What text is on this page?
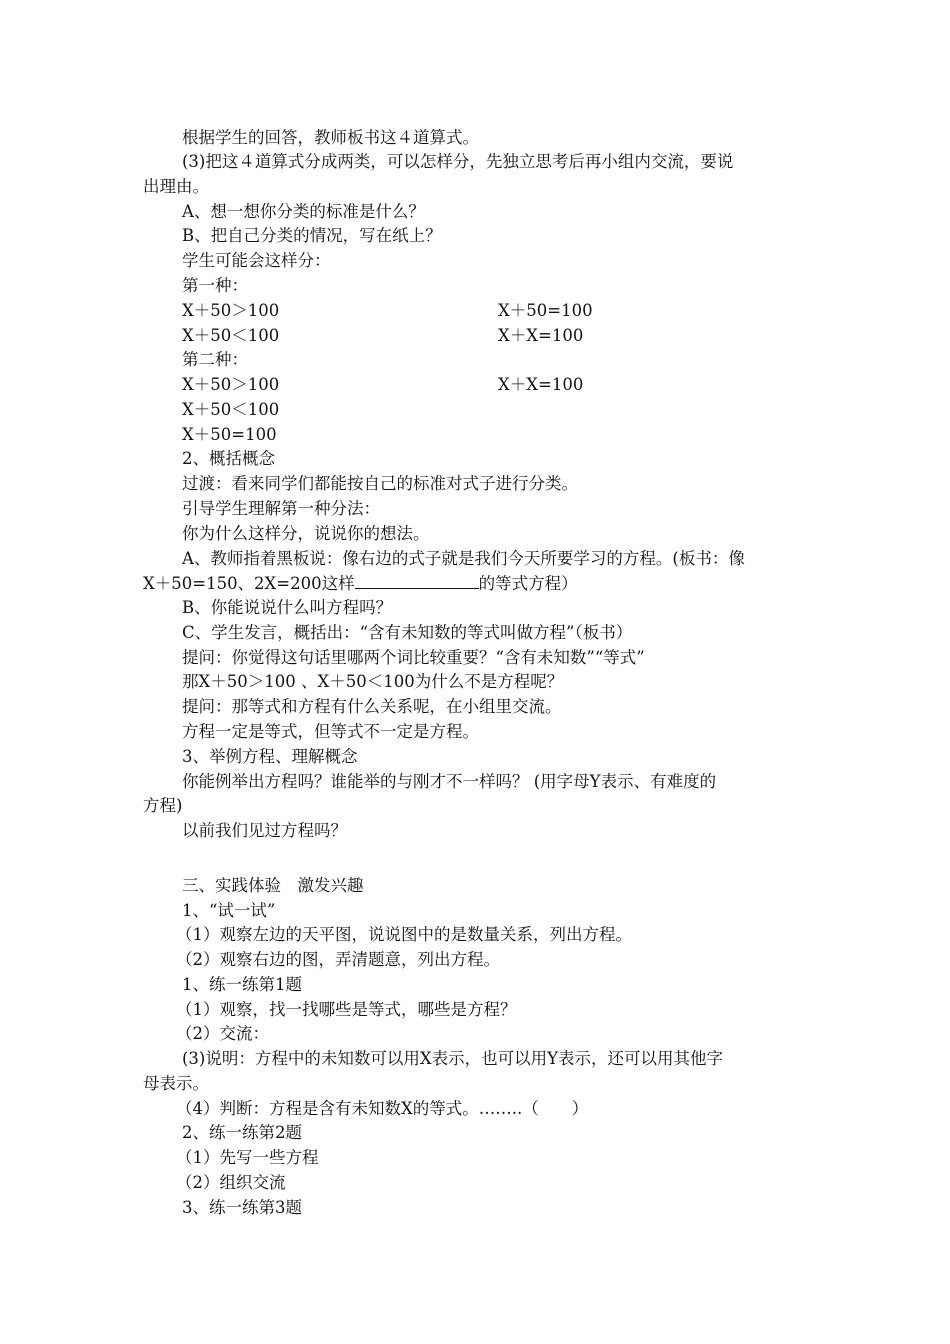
根据学生的回答，教师板书这４道算式。
(3)把这４道算式分成两类，可以怎样分，先独立思考后再小组内交流，要说
出理由。
A、想一想你分类的标准是什么？
B、把自己分类的情况，写在纸上？
学生可能会这样分：
第一种：
X＋50＞100	X＋50=100
X＋50＜100	X＋X=100
第二种：
X＋50＞100	X＋X=100
X＋50＜100
X＋50=100
2、概括概念
过渡：看来同学们都能按自己的标准对式子进行分类。
引导学生理解第一种分法：
你为什么这样分，说说你的想法。
A、教师指着黑板说：像右边的式子就是我们今天所要学习的方程。(板书：像
X＋50=150、2X=200这样	的等式方程）
B、你能说说什么叫方程吗？
C、学生发言，概括出：“含有未知数的等式叫做方程”（板书）
提问：你觉得这句话里哪两个词比较重要？“含有未知数”“等式”
那X＋50＞100 、X＋50＜100为什么不是方程呢？
提问：那等式和方程有什么关系呢，在小组里交流。
方程一定是等式，但等式不一定是方程。
3、举例方程、理解概念
你能例举出方程吗？谁能举的与刚才不一样吗？ (用字母Y表示、有难度的
方程)
以前我们见过方程吗？
三、实践体验　激发兴趣
1、“试一试”
（1）观察左边的天平图，说说图中的是数量关系，列出方程。
（2）观察右边的图，弄清题意，列出方程。
1、练一练第1题
（1）观察，找一找哪些是等式，哪些是方程？
（2）交流：
(3)说明：方程中的未知数可以用X表示，也可以用Y表示，还可以用其他字
母表示。
（4）判断：方程是含有未知数X的等式。……..（　　）
2、练一练第2题
（1）先写一些方程
（2）组织交流
3、练一练第3题
